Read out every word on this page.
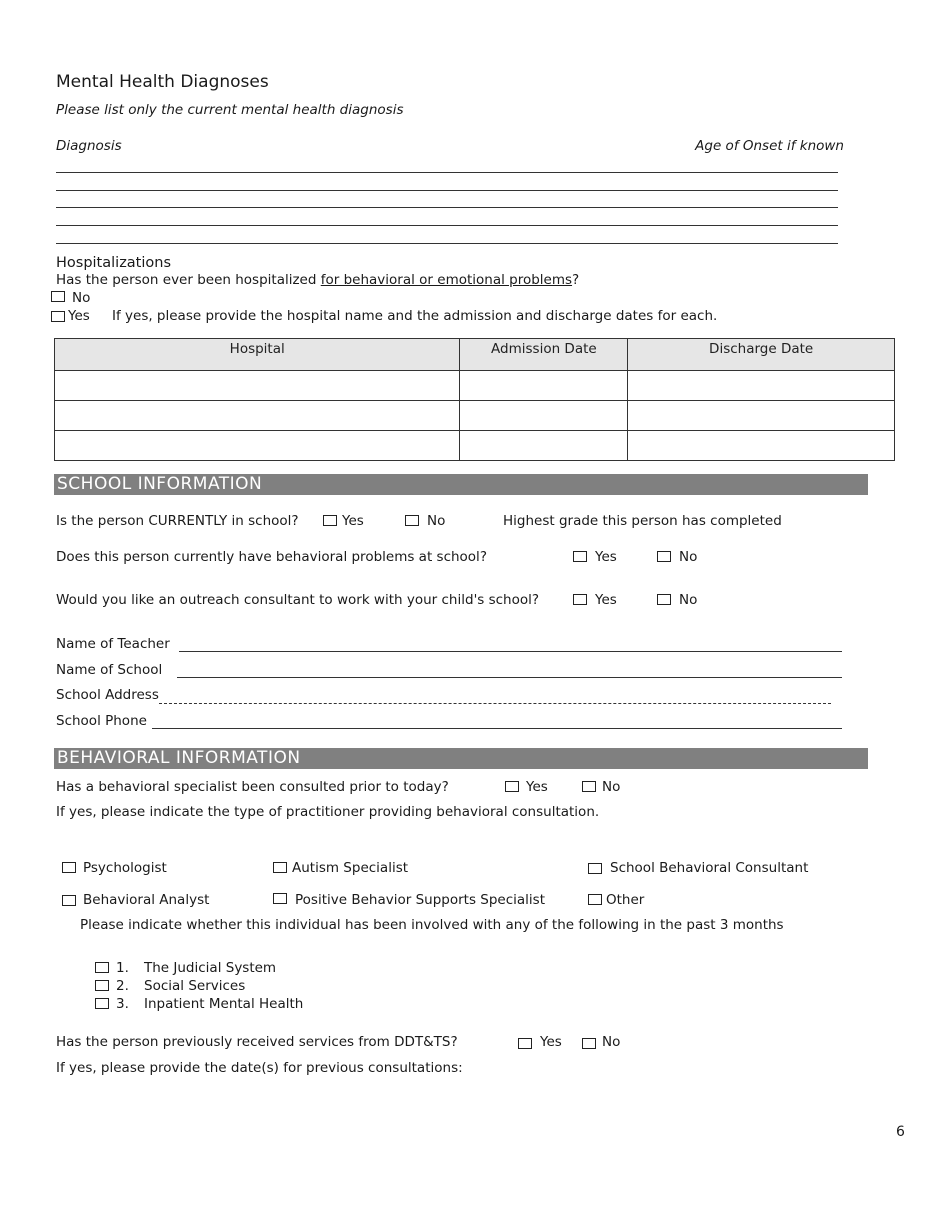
Mental Health Diagnoses
Please list only the current mental health diagnosis
Diagnosis	Age of Onset if known
Hospitalizations
Has the person ever been hospitalized for behavioral or emotional problems?
No
Yes If yes, please provide the hospital name and the admission and discharge dates for each.
Hospital	Admission Date	Discharge Date

SCHOOL INFORMATION
Is the person CURRENTLY in school?	Yes	No	Highest grade this person has completed
Does this person currently have behavioral problems at school?	Yes	No
Would you like an outreach consultant to work with your child's school?	Yes	No
Name of Teacher
Name of School
School Address
School Phone
BEHAVIORAL INFORMATION
Has a behavioral specialist been consulted prior to today?	Yes	No
If yes, please indicate the type of practitioner providing behavioral consultation.
Psychologist	Autism Specialist	School Behavioral Consultant
Behavioral Analyst	Positive Behavior Supports Specialist	Other
Please indicate whether this individual has been involved with any of the following in the past 3 months
1. The Judicial System
2. Social Services
3. Inpatient Mental Health
Has the person previously received services from DDT&TS?	Yes	No
If yes, please provide the date(s) for previous consultations:
6
